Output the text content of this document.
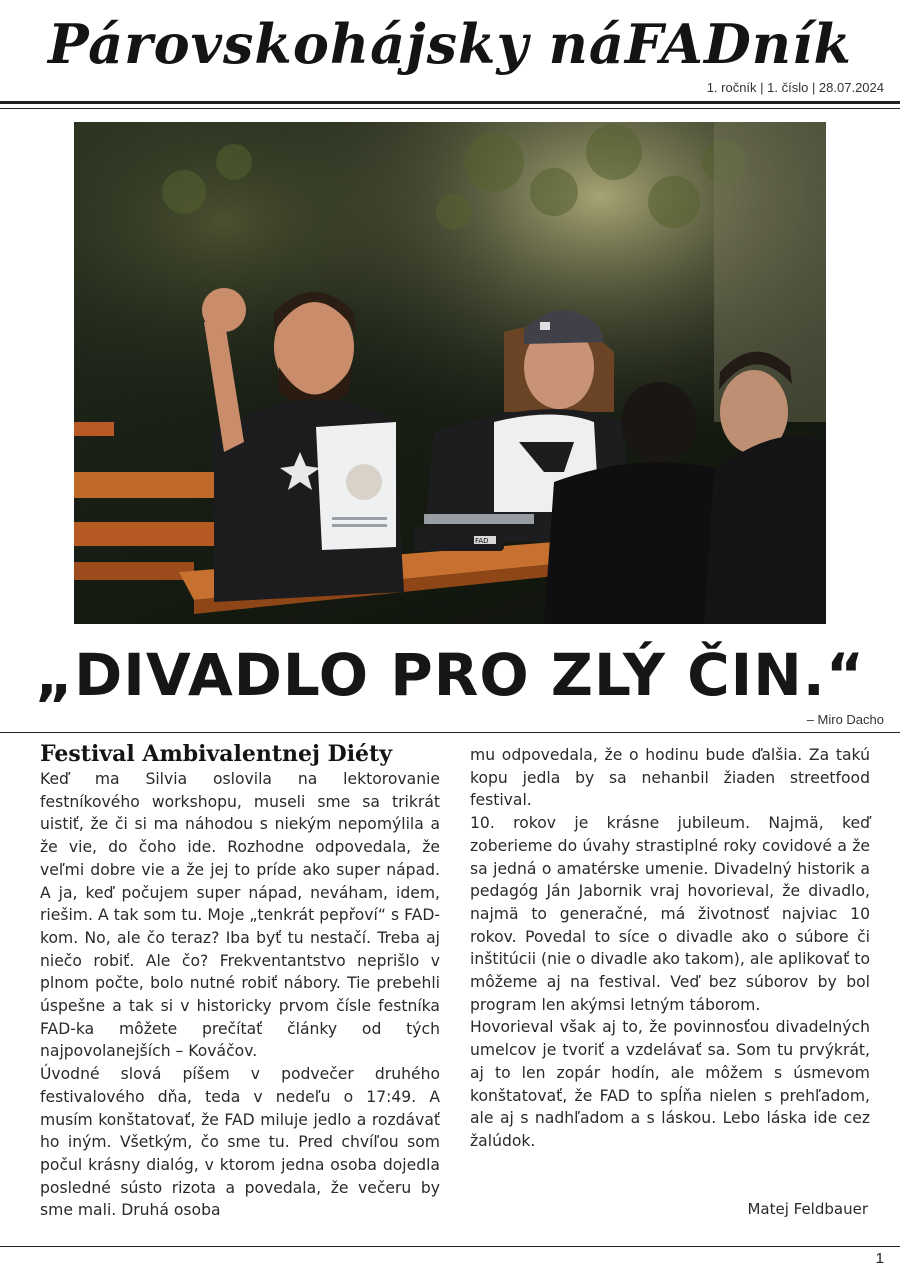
Párovskohájsky náFADník
1. ročník | 1. číslo | 28.07.2024
FAD
„DIVADLO PRO ZLÝ ČIN.“
– Miro Dacho
Festival Ambivalentnej Diéty

Keď ma Silvia oslovila na lektorovanie festníkového workshopu, museli sme sa trikrát uistiť, že či si ma náhodou s niekým nepomýlila a že vie, do čoho ide. Rozhodne odpovedala, že veľmi dobre vie a že jej to príde ako super nápad. A ja, keď počujem super nápad, neváham, idem, riešim. A tak som tu. Moje „tenkrát pepřoví“ s FAD-kom. No, ale čo teraz? Iba byť tu nestačí. Treba aj niečo robiť. Ale čo? Frekventantstvo neprišlo v plnom počte, bolo nutné robiť nábory. Tie prebehli úspešne a tak si v historicky prvom čísle festníka FAD-ka môžete prečítať články od tých najpovolanejších – Kováčov.

Úvodné slová píšem v podvečer druhého festivalového dňa, teda v nedeľu o 17:49. A musím konštatovať, že FAD miluje jedlo a rozdávať ho iným. Všetkým, čo sme tu. Pred chvíľou som počul krásny dialóg, v ktorom jedna osoba dojedla posledné sústo rizota a povedala, že večeru by sme mali. Druhá osoba

mu odpovedala, že o hodinu bude ďalšia. Za takú kopu jedla by sa nehanbil žiaden streetfood festival.

10. rokov je krásne jubileum. Najmä, keď zoberieme do úvahy strastiplné roky covidové a že sa jedná o amatérske umenie. Divadelný historik a pedagóg Ján Jabornik vraj hovorieval, že divadlo, najmä to generačné, má životnosť najviac 10 rokov. Povedal to síce o divadle ako o súbore či inštitúcii (nie o divadle ako takom), ale aplikovať to môžeme aj na festival. Veď bez súborov by bol program len akýmsi letným táborom.

Hovorieval však aj to, že povinnosťou divadelných umelcov je tvoriť a vzdelávať sa. Som tu prvýkrát, aj to len zopár hodín, ale môžem s úsmevom konštatovať, že FAD to spĺňa nielen s prehľadom, ale aj s nadhľadom a s láskou. Lebo láska ide cez žalúdok.

Matej Feldbauer
1
